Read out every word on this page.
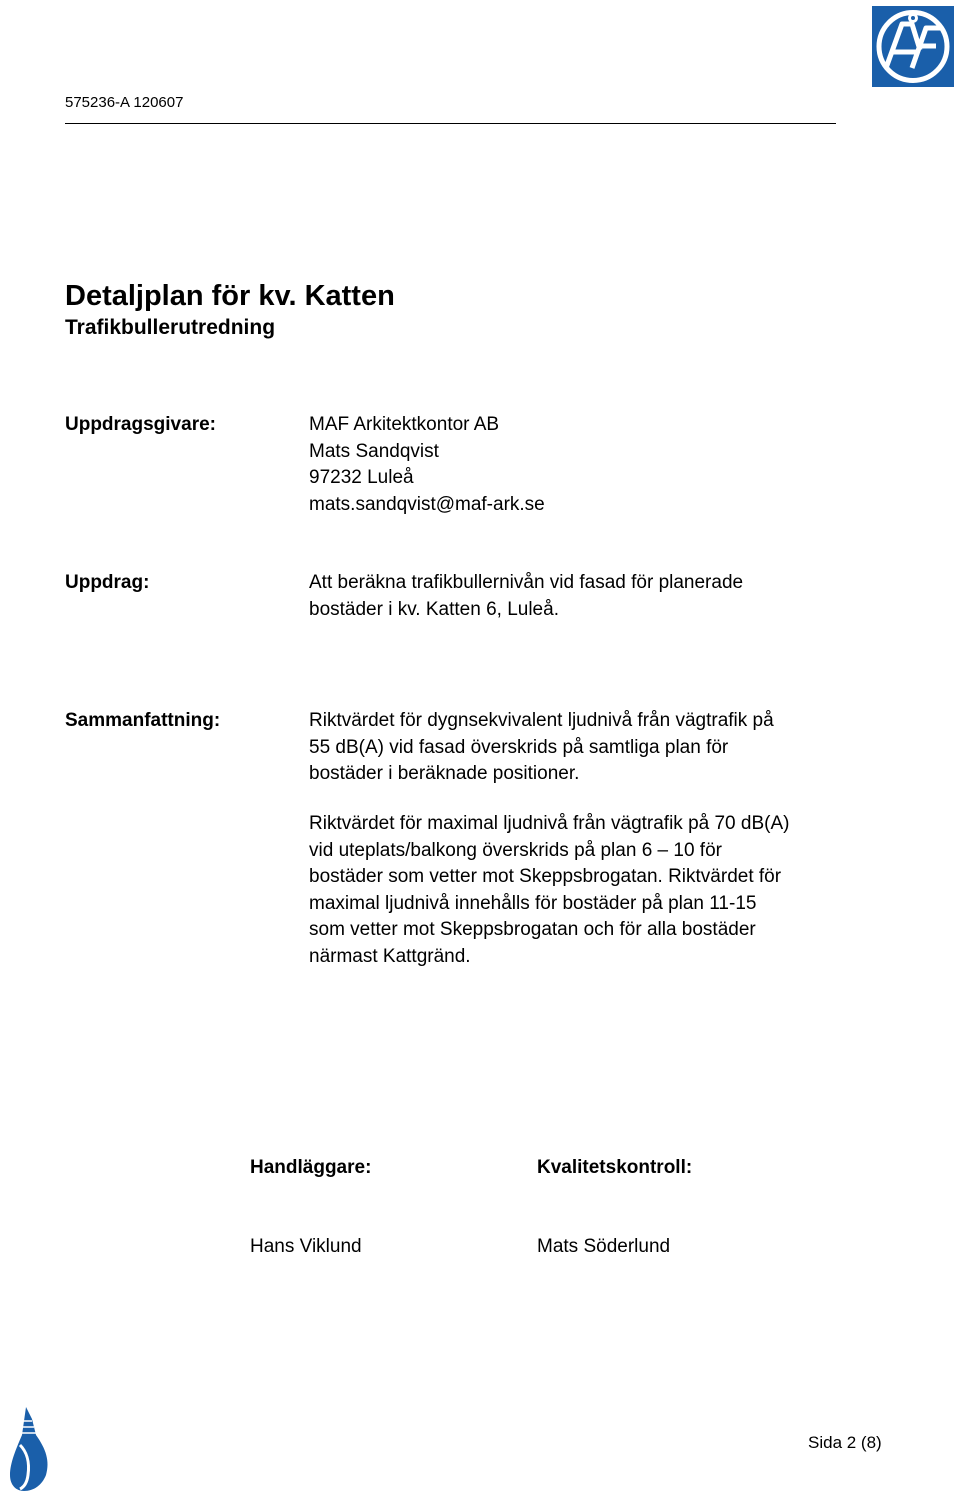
575236-A 120607
Detaljplan för kv. Katten
Trafikbullerutredning
Uppdragsgivare:	MAF Arkitektkontor AB
Mats Sandqvist
97232 Luleå
mats.sandqvist@maf-ark.se
Uppdrag:	Att beräkna trafikbullernivån vid fasad för planerade
bostäder i kv. Katten 6, Luleå.
Sammanfattning:	Riktvärdet för dygnsekvivalent ljudnivå från vägtrafik på
55 dB(A) vid fasad överskrids på samtliga plan för
bostäder i beräknade positioner.
Riktvärdet för maximal ljudnivå från vägtrafik på 70 dB(A)
vid uteplats/balkong överskrids på plan 6 – 10 för
bostäder som vetter mot Skeppsbrogatan. Riktvärdet för
maximal ljudnivå innehålls för bostäder på plan 11-15
som vetter mot Skeppsbrogatan och för alla bostäder
närmast Kattgränd.
Handläggare:	Kvalitetskontroll:
Hans Viklund	Mats Söderlund
Sida 2 (8)
